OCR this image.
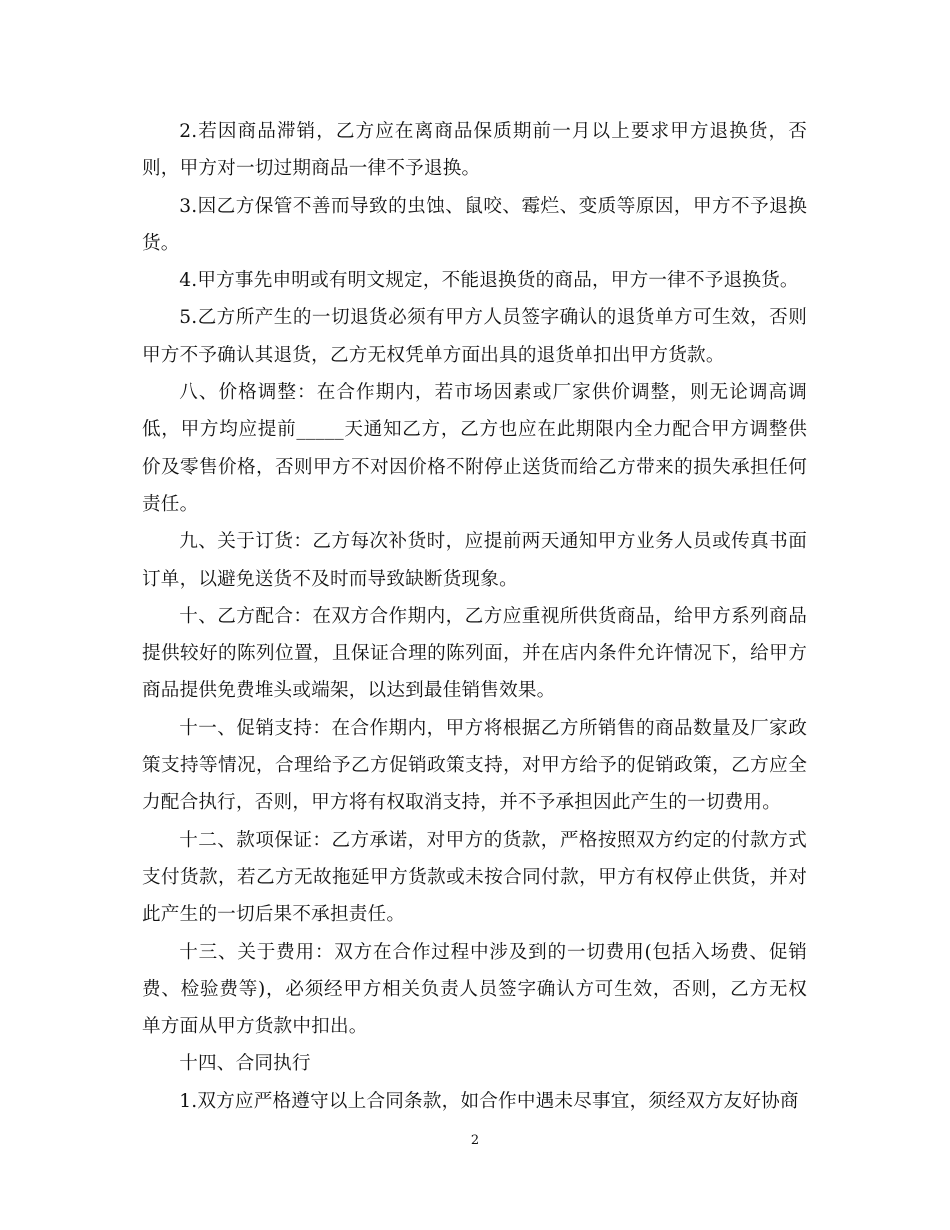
2.若因商品滞销，乙方应在离商品保质期前一月以上要求甲方退换货，否则，甲方对一切过期商品一律不予退换。

3.因乙方保管不善而导致的虫蚀、鼠咬、霉烂、变质等原因，甲方不予退换货。

4.甲方事先申明或有明文规定，不能退换货的商品，甲方一律不予退换货。

5.乙方所产生的一切退货必须有甲方人员签字确认的退货单方可生效，否则甲方不予确认其退货，乙方无权凭单方面出具的退货单扣出甲方货款。

八、价格调整：在合作期内，若市场因素或厂家供价调整，则无论调高调低，甲方均应提前_____天通知乙方，乙方也应在此期限内全力配合甲方调整供价及零售价格，否则甲方不对因价格不附停止送货而给乙方带来的损失承担任何责任。

九、关于订货：乙方每次补货时，应提前两天通知甲方业务人员或传真书面订单，以避免送货不及时而导致缺断货现象。

十、乙方配合：在双方合作期内，乙方应重视所供货商品，给甲方系列商品提供较好的陈列位置，且保证合理的陈列面，并在店内条件允许情况下，给甲方商品提供免费堆头或端架，以达到最佳销售效果。

十一、促销支持：在合作期内，甲方将根据乙方所销售的商品数量及厂家政策支持等情况，合理给予乙方促销政策支持，对甲方给予的促销政策，乙方应全力配合执行，否则，甲方将有权取消支持，并不予承担因此产生的一切费用。

十二、款项保证：乙方承诺，对甲方的货款，严格按照双方约定的付款方式支付货款，若乙方无故拖延甲方货款或未按合同付款，甲方有权停止供货，并对此产生的一切后果不承担责任。

十三、关于费用：双方在合作过程中涉及到的一切费用(包括入场费、促销费、检验费等)，必须经甲方相关负责人员签字确认方可生效，否则，乙方无权单方面从甲方货款中扣出。

十四、合同执行

1.双方应严格遵守以上合同条款，如合作中遇未尽事宜，须经双方友好协商

2
